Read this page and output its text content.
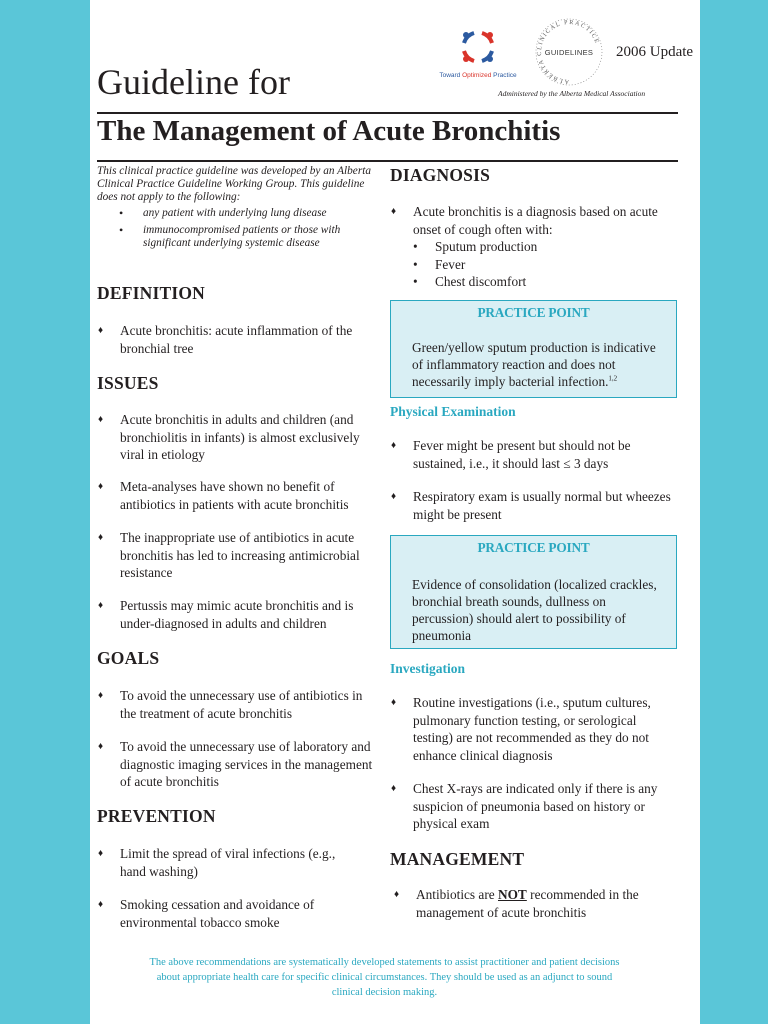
Toward Optimized Practice
ALBERTA CLINICAL PRACTICE
GUIDELINES 2006 Update
Administered by the Alberta Medical Association
Guideline for
The Management of Acute Bronchitis
This clinical practice guideline was developed by an Alberta Clinical Practice Guideline Working Group. This guideline does not apply to the following:
• any patient with underlying lung disease
• immunocompromised patients or those with significant underlying systemic disease
DEFINITION
♦ Acute bronchitis: acute inflammation of the bronchial tree
ISSUES
♦ Acute bronchitis in adults and children (and bronchiolitis in infants) is almost exclusively viral in etiology
♦ Meta-analyses have shown no benefit of antibiotics in patients with acute bronchitis
♦ The inappropriate use of antibiotics in acute bronchitis has led to increasing antimicrobial resistance
♦ Pertussis may mimic acute bronchitis and is under-diagnosed in adults and children
GOALS
♦ To avoid the unnecessary use of antibiotics in the treatment of acute bronchitis
♦ To avoid the unnecessary use of laboratory and diagnostic imaging services in the management of acute bronchitis
PREVENTION
♦ Limit the spread of viral infections (e.g., hand washing)
♦ Smoking cessation and avoidance of environmental tobacco smoke
DIAGNOSIS
♦ Acute bronchitis is a diagnosis based on acute onset of cough often with:
• Sputum production
• Fever
• Chest discomfort
PRACTICE POINT
Green/yellow sputum production is indicative of inflammatory reaction and does not necessarily imply bacterial infection.$^{1,2}$
Physical Examination
♦ Fever might be present but should not be sustained, i.e., it should last ≤ 3 days
♦ Respiratory exam is usually normal but wheezes might be present
PRACTICE POINT
Evidence of consolidation (localized crackles, bronchial breath sounds, dullness on percussion) should alert to possibility of pneumonia
Investigation
♦ Routine investigations (i.e., sputum cultures, pulmonary function testing, or serological testing) are not recommended as they do not enhance clinical diagnosis
♦ Chest X-rays are indicated only if there is any suspicion of pneumonia based on history or physical exam
MANAGEMENT
♦ Antibiotics are NOT recommended in the management of acute bronchitis
The above recommendations are systematically developed statements to assist practitioner and patient decisions about appropriate health care for specific clinical circumstances. They should be used as an adjunct to sound clinical decision making.
